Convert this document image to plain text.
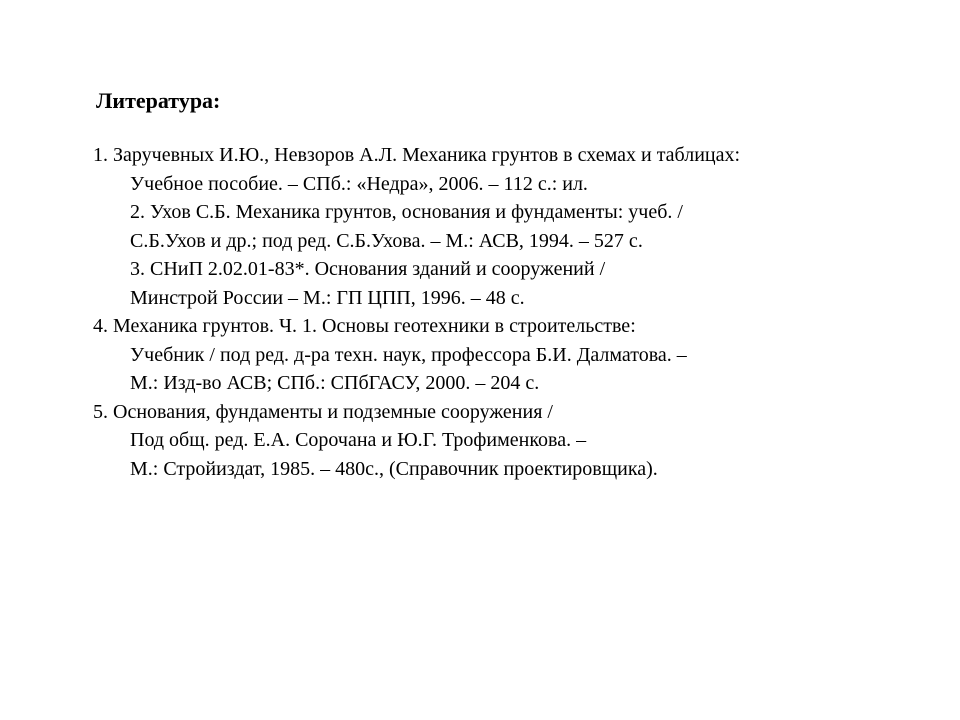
Литература:
1. Заручевных И.Ю., Невзоров А.Л. Механика грунтов в схемах и таблицах:
Учебное пособие. – СПб.: «Недра», 2006. – 112 с.: ил.
2. Ухов С.Б. Механика грунтов, основания и фундаменты: учеб. /
С.Б.Ухов и др.; под ред. С.Б.Ухова. – М.: АСВ, 1994. – 527 с.
3. СНиП 2.02.01-83*. Основания зданий и сооружений /
Минстрой России – М.: ГП ЦПП, 1996. – 48 с.
4. Механика грунтов. Ч. 1. Основы геотехники в строительстве:
Учебник / под ред. д-ра техн. наук, профессора Б.И. Далматова. –
М.: Изд-во АСВ; СПб.: СПбГАСУ, 2000. – 204 с.
5. Основания, фундаменты и подземные сооружения /
Под общ. ред. Е.А. Сорочана и Ю.Г. Трофименкова. –
М.: Стройиздат, 1985. – 480с., (Справочник проектировщика).
